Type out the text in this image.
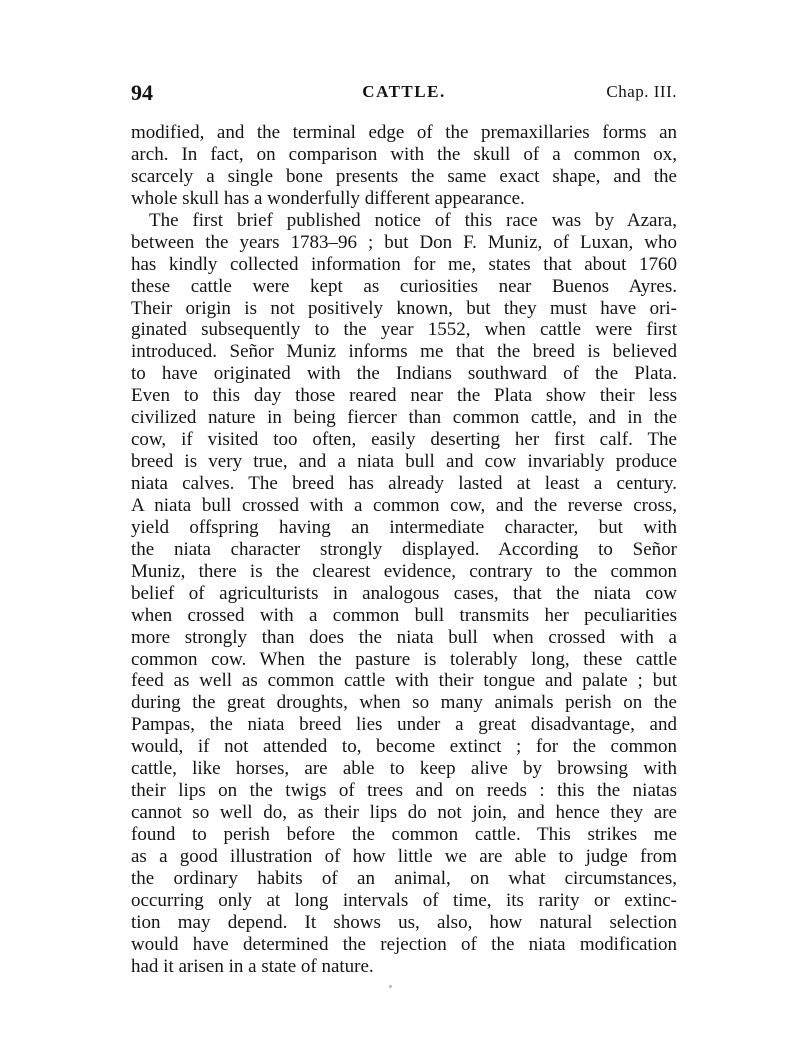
94	CATTLE.	Chap. III.
modified, and the terminal edge of the premaxillaries forms an
arch. In fact, on comparison with the skull of a common ox,
scarcely a single bone presents the same exact shape, and the
whole skull has a wonderfully different appearance.
The first brief published notice of this race was by Azara,
between the years 1783–96 ; but Don F. Muniz, of Luxan, who
has kindly collected information for me, states that about 1760
these cattle were kept as curiosities near Buenos Ayres.
Their origin is not positively known, but they must have ori-
ginated subsequently to the year 1552, when cattle were first
introduced. Señor Muniz informs me that the breed is believed
to have originated with the Indians southward of the Plata.
Even to this day those reared near the Plata show their less
civilized nature in being fiercer than common cattle, and in the
cow, if visited too often, easily deserting her first calf. The
breed is very true, and a niata bull and cow invariably produce
niata calves. The breed has already lasted at least a century.
A niata bull crossed with a common cow, and the reverse cross,
yield offspring having an intermediate character, but with
the niata character strongly displayed. According to Señor
Muniz, there is the clearest evidence, contrary to the common
belief of agriculturists in analogous cases, that the niata cow
when crossed with a common bull transmits her peculiarities
more strongly than does the niata bull when crossed with a
common cow. When the pasture is tolerably long, these cattle
feed as well as common cattle with their tongue and palate ; but
during the great droughts, when so many animals perish on the
Pampas, the niata breed lies under a great disadvantage, and
would, if not attended to, become extinct ; for the common
cattle, like horses, are able to keep alive by browsing with
their lips on the twigs of trees and on reeds : this the niatas
cannot so well do, as their lips do not join, and hence they are
found to perish before the common cattle. This strikes me
as a good illustration of how little we are able to judge from
the ordinary habits of an animal, on what circumstances,
occurring only at long intervals of time, its rarity or extinc-
tion may depend. It shows us, also, how natural selection
would have determined the rejection of the niata modification
had it arisen in a state of nature.
